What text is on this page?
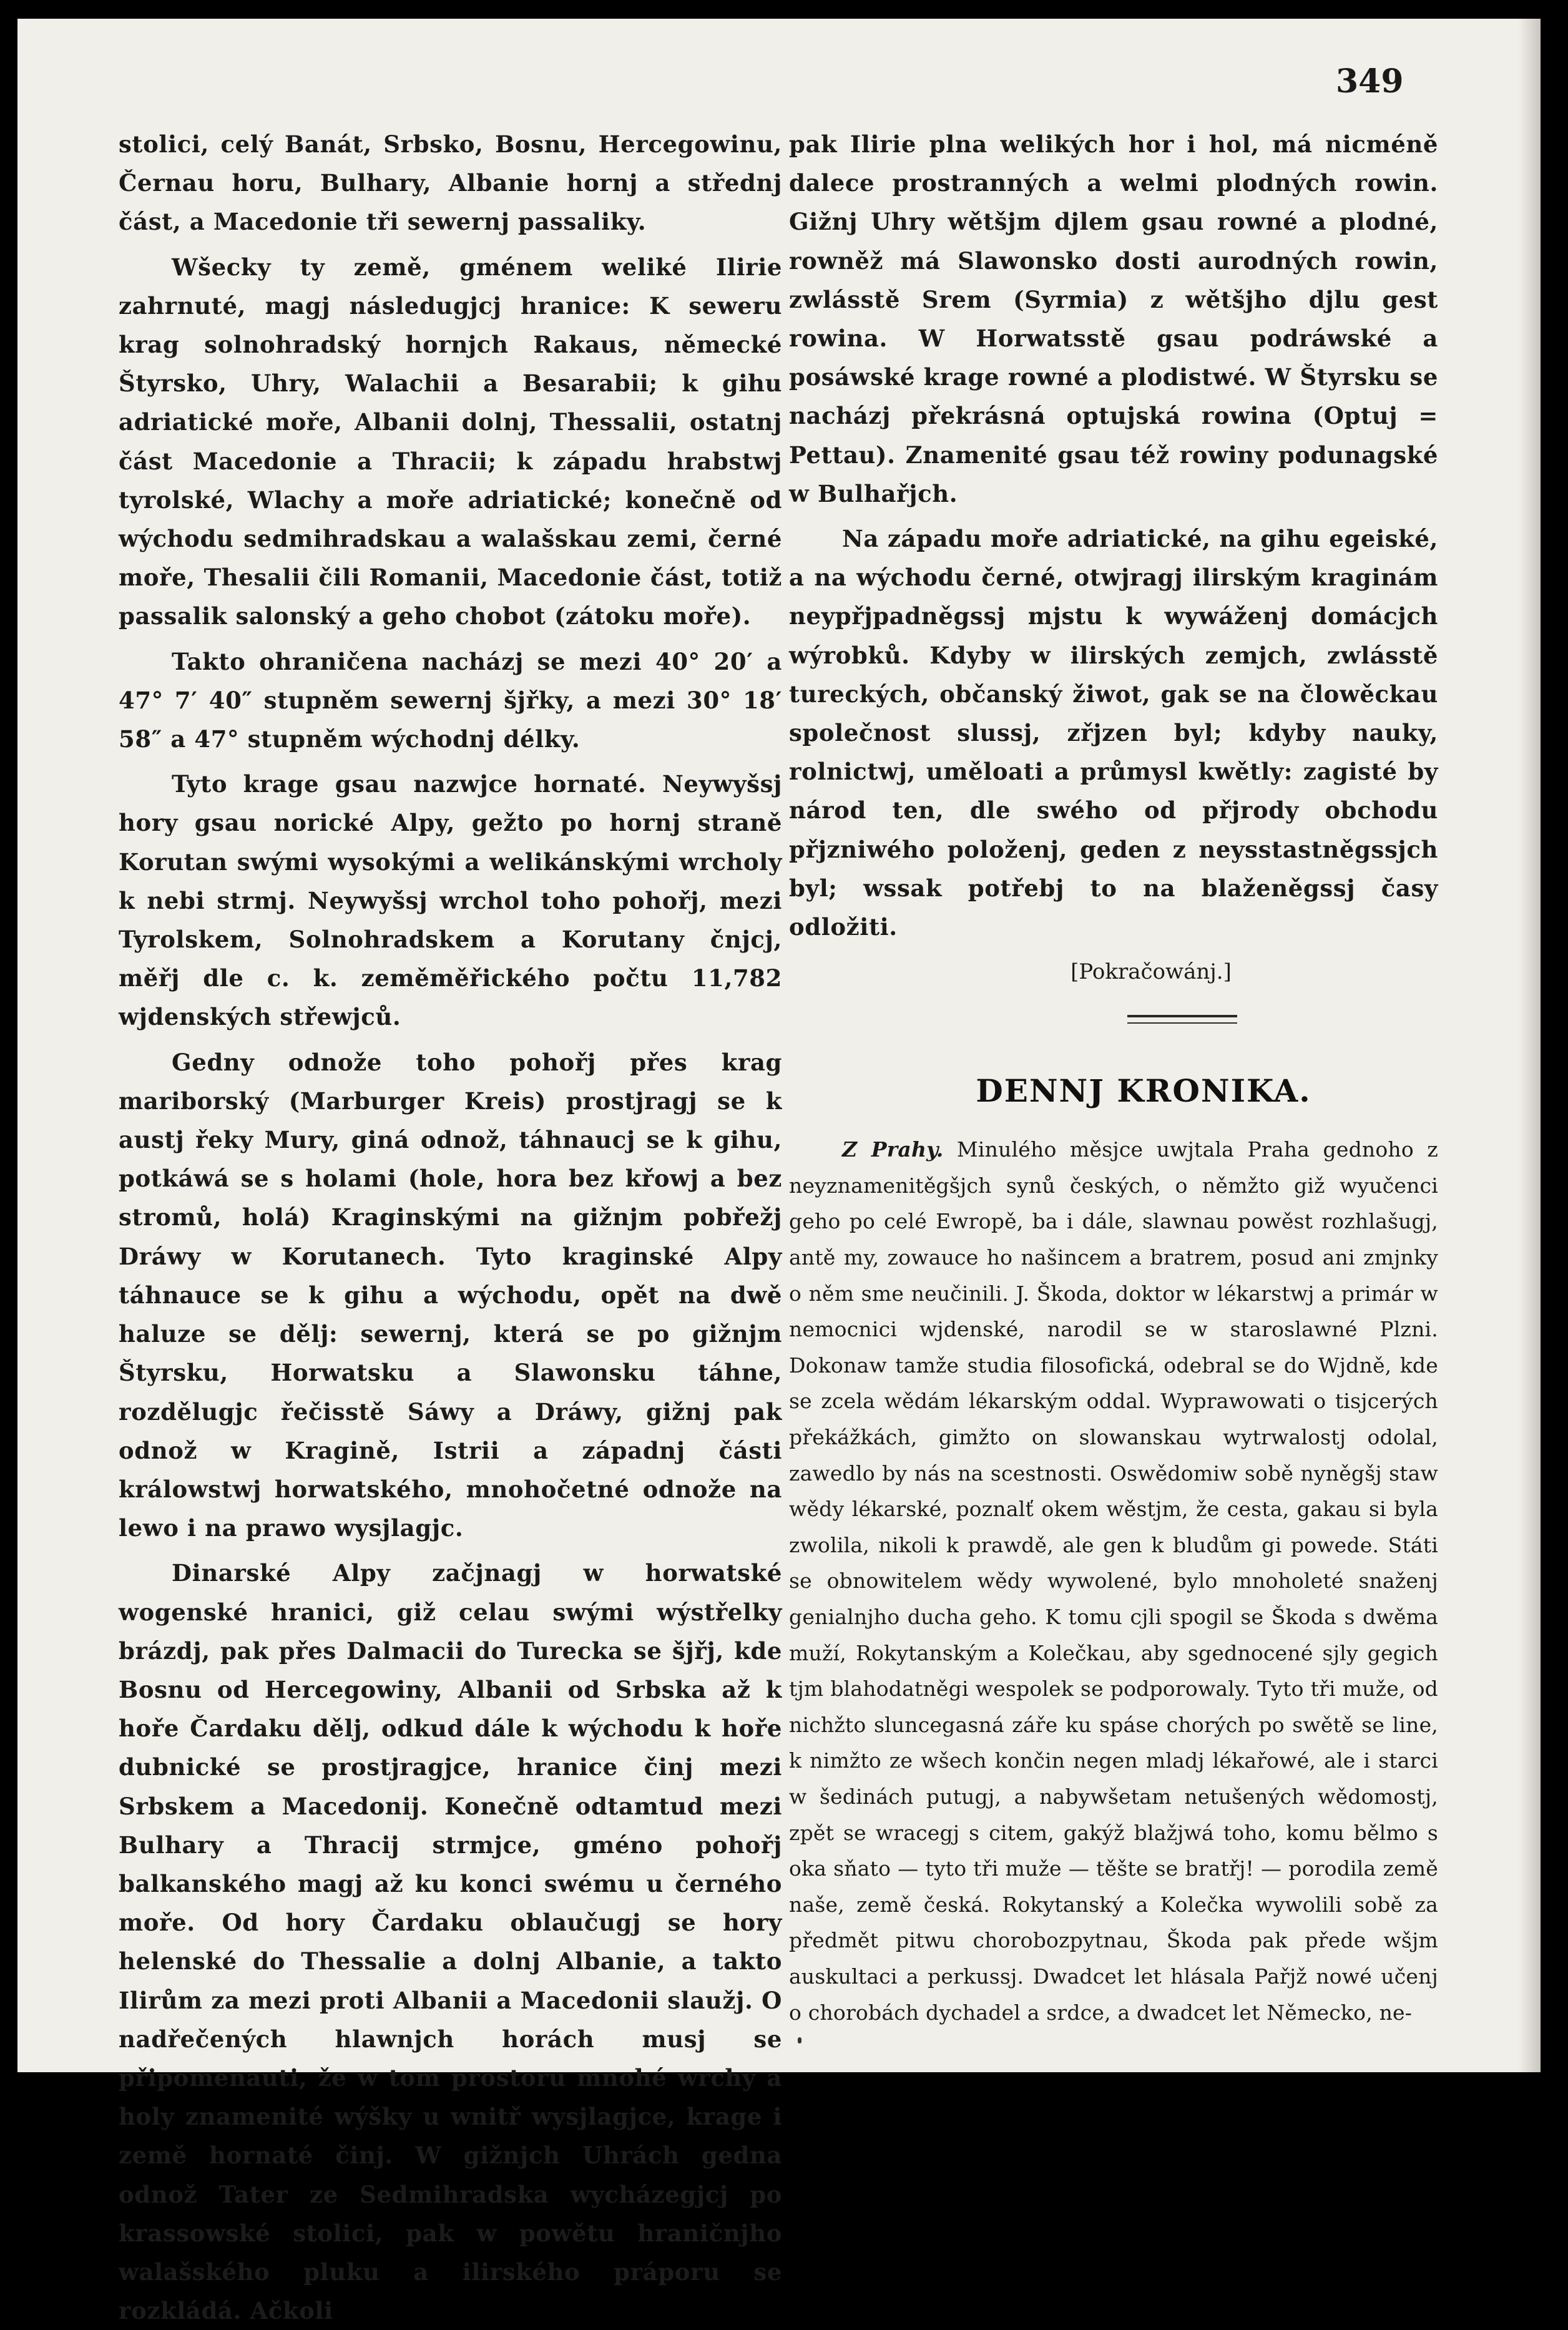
349

stolici, celý Banát, Srbsko, Bosnu, Hercegowinu, Černau horu, Bulhary, Albanie hornj a střednj část, a Macedonie tři sewernj passaliky.

Wšecky ty země, gménem weliké Ilirie zahrnuté, magj následugjcj hranice: K sewеru krag solnohradský hornjch Rakaus, německé Štyrsko, Uhry, Walachii a Besarabii; k gihu adriatické moře, Albanii dolnj, Thessalii, ostatnj část Macedonie a Thracii; k západu hrabstwj tyrolské, Wlachy a moře adriatické; konečně od wýchodu sedmihradskau a walašskau zemi, černé moře, Thesalii čili Romanii, Macedonie část, totiž passalik salonský a geho chobot (zátoku moře).

Takto ohraničena nacházj se mezi 40° 20′ a 47° 7′ 40″ stupněm sewernj šjřky, a mezi 30° 18′ 58″ a 47° stupněm wýchodnj délky.

Tyto krage gsau nazwjce hornaté. Neywyšsj hory gsau norické Alpy, gežto po hornj straně Korutan swými wysokými a welikánskými wrcholy k nebi strmj. Neywyšsj wrchol toho pohořj, mezi Tyrolskem, Solnohradskem a Korutany čnjcj, měřj dle c. k. zeměměřického počtu 11,782 wjdenských střewjců.

Gedny odnože toho pohořj přes krag mariborský (Marburger Kreis) prostjragj se k austj řeky Mury, giná odnož, táhnaucj se k gihu, potkáwá se s holami (hole, hora bez křowj a bez stromů, holá) Kraginskými na gižnjm pobřežj Dráwy w Korutanech. Tyto kraginské Alpy táhnauce se k gihu a wýchodu, opět na dwě haluze se dělj: sewernj, která se po gižnjm Štyrsku, Horwatsku a Slawonsku táhne, rozdělugjc řečisstě Sáwy a Dráwy, gižnj pak odnož w Kragině, Istrii a západnj části králowstwj horwatského, mnohočetné odnože na lewo i na prawo wysjlagjc.

Dinarské Alpy začjnagj w horwatské wogenské hranici, giž celau swými wýstřelky brázdj, pak přes Dalmacii do Turecka se šjřj, kde Bosnu od Hercegowiny, Albanii od Srbska až k hoře Čardaku dělj, odkud dále k wýchodu k hoře dubnické se prostjragjce, hranice činj mezi Srbskem a Macedonij. Konečně odtamtud mezi Bulhary a Thracij strmjce, gméno pohořj balkanského magj až ku konci swému u černého moře. Od hory Čardaku oblaučugj se hory helenské do Thessalie a dolnj Albanie, a takto Ilirům za mezi proti Albanii a Macedonii slaužj. O nadřečených hlawnjch horách musj se připomenauti, že w tom prostoru mnohé wrchy a holy znamenité wýšky u wnitř wysjlagjce, krage i země hornaté činj. W gižnjch Uhrách gedna odnož Tater ze Sedmihradska wycházegjcj po krassowské stolici, pak w powětu hraničnjho walašského pluku a ilirského práporu se rozkládá. Ačkoli

pak Ilirie plna welikých hor i hol, má nicméně dalece prostranných a welmi plodných rowin. Gižnj Uhry wětšjm djlem gsau rowné a plodné, rowněž má Slawonsko dosti aurodných rowin, zwlásstě Srem (Syrmia) z wětšjho djlu gest rowina. W Horwatsstě gsau podráwské a posáwské krage rowné a plodistwé. W Štyrsku se nacházj překrásná optujská rowina (Optuj = Pettau). Znamenité gsau též rowiny podunagské w Bulhařjch.

Na západu moře adriatické, na gihu egeiské, a na wýchodu černé, otwjragj ilirským kraginám neypřjpadněgssj mjstu k wywáženj domácjch wýrobků. Kdyby w ilirských zemjch, zwlásstě tureckých, občanský žiwot, gak se na člowěckau společnost slussj, zřjzen byl; kdyby nauky, rolnictwj, uměloati a průmysl kwětly: zagisté by národ ten, dle swého od přjrody obchodu přjzniwého položenj, geden z neysstastněgssjch byl; wssak potřebj to na blaženěgssj časy odložiti.

[Pokračowánj.]
DENNJ KRONIKA.

Z Prahy. Minulého měsjce uwjtala Praha gednoho z neyznamenitěgšjch synů českých, o němžto giž wyučenci geho po celé Ewropě, ba i dále, slawnau powěst rozhlašugj, antě my, zowauce ho našincem a bratrem, posud ani zmjnky o něm sme neučinili. J. Škoda, doktor w lékarstwj a primár w nemocnici wjdenské, narodil se w staroslawné Plzni. Dokonaw tamže studia filosofická, odebral se do Wjdně, kde se zcela wědám lékarským oddal. Wyprawowati o tisjcerých překážkách, gimžto on slowanskau wytrwalostj odolal, zawedlo by nás na scestnosti. Oswědomiw sobě nyněgšj staw wědy lékarské, poznalť okem wěstjm, že cesta, gakau si byla zwolila, nikoli k prawdě, ale gen k bludům gi powede. Státi se obnowitelem wědy wywolené, bylo mnoholeté snaženj genialnjho ducha geho. K tomu cjli spogil se Škoda s dwěma muží, Rokytanským a Kolečkau, aby sgednocené sjly gegich tjm blahodatněgi wespolek se podporowaly. Tyto tři muže, od nichžto sluncegasná záře ku spáse chorých po swětě se line, k nimžto ze wšech končin negen mladj lékařowé, ale i starci w šedinách putugj, a nabywšetam netušených wědomostj, zpět se wracegj s citem, gakýž blažjwá toho, komu bělmo s oka sňato — tyto tři muže — těšte se bratřj! — porodila země naše, země česká. Rokytanský a Kolečka wywolili sobě za předmět pitwu chorobozpytnau, Škoda pak přede wšjm auskultaci a perkussj. Dwadcet let hlásala Pařjž nowé učenj o chorobách dychadel a srdce, a dwadcet let Německo, ne-
